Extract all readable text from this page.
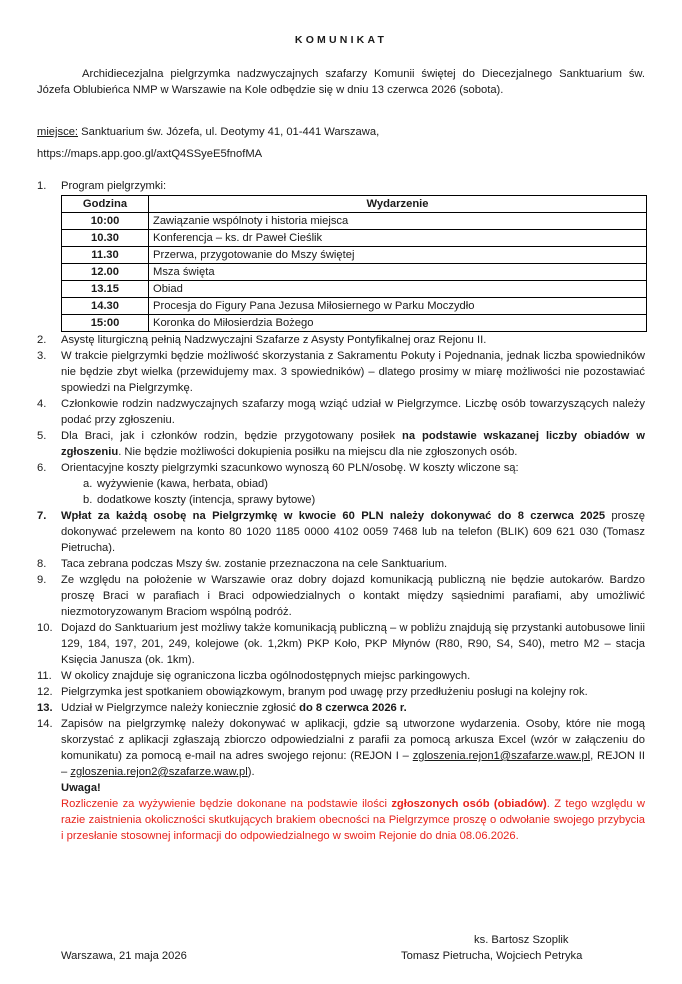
KOMUNIKAT
Archidiecezjalna pielgrzymka nadzwyczajnych szafarzy Komunii świętej do Diecezjalnego Sanktuarium św. Józefa Oblubieńca NMP w Warszawie na Kole odbędzie się w dniu 13 czerwca 2026 (sobota).
miejsce: Sanktuarium św. Józefa, ul. Deotymy 41, 01-441 Warszawa,
https://maps.app.goo.gl/axtQ4SSyeE5fnofMA
1. Program pielgrzymki:
Godzina	Wydarzenie
10:00	Zawiązanie wspólnoty i historia miejsca
10.30	Konferencja – ks. dr Paweł Cieślik
11.30	Przerwa, przygotowanie do Mszy świętej
12.00	Msza święta
13.15	Obiad
14.30	Procesja do Figury Pana Jezusa Miłosiernego w Parku Moczydło
15:00	Koronka do Miłosierdzia Bożego
2. Asystę liturgiczną pełnią Nadzwyczajni Szafarze z Asysty Pontyfikalnej oraz Rejonu II.
3. W trakcie pielgrzymki będzie możliwość skorzystania z Sakramentu Pokuty i Pojednania, jednak liczba spowiedników nie będzie zbyt wielka (przewidujemy max. 3 spowiedników) – dlatego prosimy w miarę możliwości nie pozostawiać spowiedzi na Pielgrzymkę.
4. Członkowie rodzin nadzwyczajnych szafarzy mogą wziąć udział w Pielgrzymce. Liczbę osób towarzyszących należy podać przy zgłoszeniu.
5. Dla Braci, jak i członków rodzin, będzie przygotowany posiłek na podstawie wskazanej liczby obiadów w zgłoszeniu. Nie będzie możliwości dokupienia posiłku na miejscu dla nie zgłoszonych osób.
6. Orientacyjne koszty pielgrzymki szacunkowo wynoszą 60 PLN/osobę. W koszty wliczone są:
a. wyżywienie (kawa, herbata, obiad)
b. dodatkowe koszty (intencja, sprawy bytowe)
7. Wpłat za każdą osobę na Pielgrzymkę w kwocie 60 PLN należy dokonywać do 8 czerwca 2025 proszę dokonywać przelewem na konto 80 1020 1185 0000 4102 0059 7468 lub na telefon (BLIK) 609 621 030 (Tomasz Pietrucha).
8. Taca zebrana podczas Mszy św. zostanie przeznaczona na cele Sanktuarium.
9. Ze względu na położenie w Warszawie oraz dobry dojazd komunikacją publiczną nie będzie autokarów. Bardzo proszę Braci w parafiach i Braci odpowiedzialnych o kontakt między sąsiednimi parafiami, aby umożliwić niezmotoryzowanym Braciom wspólną podróż.
10. Dojazd do Sanktuarium jest możliwy także komunikacją publiczną – w pobliżu znajdują się przystanki autobusowe linii 129, 184, 197, 201, 249, kolejowe (ok. 1,2km) PKP Koło, PKP Młynów (R80, R90, S4, S40), metro M2 – stacja Księcia Janusza (ok. 1km).
11. W okolicy znajduje się ograniczona liczba ogólnodostępnych miejsc parkingowych.
12. Pielgrzymka jest spotkaniem obowiązkowym, branym pod uwagę przy przedłużeniu posługi na kolejny rok.
13. Udział w Pielgrzymce należy koniecznie zgłosić do 8 czerwca 2026 r.
14. Zapisów na pielgrzymkę należy dokonywać w aplikacji, gdzie są utworzone wydarzenia. Osoby, które nie mogą skorzystać z aplikacji zgłaszają zbiorczo odpowiedzialni z parafii za pomocą arkusza Excel (wzór w załączeniu do komunikatu) za pomocą e-mail na adres swojego rejonu: (REJON I – zgloszenia.rejon1@szafarze.waw.pl, REJON II – zgloszenia.rejon2@szafarze.waw.pl).
Uwaga!
Rozliczenie za wyżywienie będzie dokonane na podstawie ilości zgłoszonych osób (obiadów). Z tego względu w razie zaistnienia okoliczności skutkujących brakiem obecności na Pielgrzymce proszę o odwołanie swojego przybycia i przesłanie stosownej informacji do odpowiedzialnego w swoim Rejonie do dnia 08.06.2026.
ks. Bartosz Szoplik
Tomasz Pietrucha, Wojciech Petryka
Warszawa, 21 maja 2026
